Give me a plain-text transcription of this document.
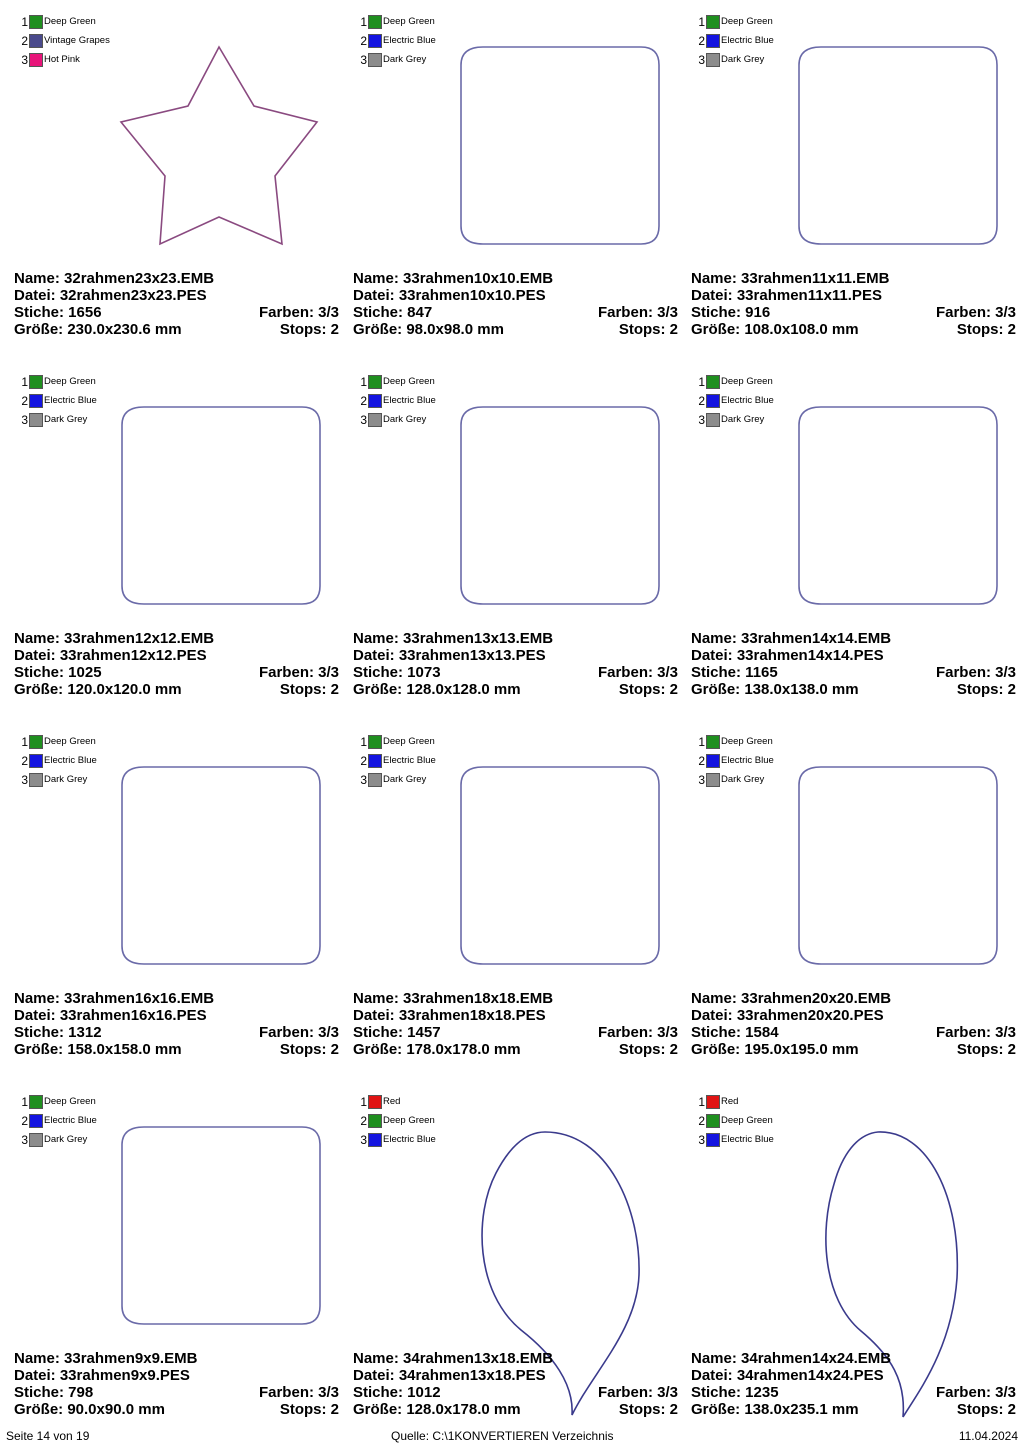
1 Deep Green
2 Vintage Grapes
3 Hot Pink
Name: 32rahmen23x23.EMB
Datei: 32rahmen23x23.PES
Stiche: 1656	Farben: 3/3
Größe: 230.0x230.6 mm	Stops: 2
1 Deep Green
2 Electric Blue
3 Dark Grey
Name: 33rahmen10x10.EMB
Datei: 33rahmen10x10.PES
Stiche: 847	Farben: 3/3
Größe: 98.0x98.0 mm	Stops: 2
1 Deep Green
2 Electric Blue
3 Dark Grey
Name: 33rahmen11x11.EMB
Datei: 33rahmen11x11.PES
Stiche: 916	Farben: 3/3
Größe: 108.0x108.0 mm	Stops: 2
1 Deep Green
2 Electric Blue
3 Dark Grey
Name: 33rahmen12x12.EMB
Datei: 33rahmen12x12.PES
Stiche: 1025	Farben: 3/3
Größe: 120.0x120.0 mm	Stops: 2
1 Deep Green
2 Electric Blue
3 Dark Grey
Name: 33rahmen13x13.EMB
Datei: 33rahmen13x13.PES
Stiche: 1073	Farben: 3/3
Größe: 128.0x128.0 mm	Stops: 2
1 Deep Green
2 Electric Blue
3 Dark Grey
Name: 33rahmen14x14.EMB
Datei: 33rahmen14x14.PES
Stiche: 1165	Farben: 3/3
Größe: 138.0x138.0 mm	Stops: 2
1 Deep Green
2 Electric Blue
3 Dark Grey
Name: 33rahmen16x16.EMB
Datei: 33rahmen16x16.PES
Stiche: 1312	Farben: 3/3
Größe: 158.0x158.0 mm	Stops: 2
1 Deep Green
2 Electric Blue
3 Dark Grey
Name: 33rahmen18x18.EMB
Datei: 33rahmen18x18.PES
Stiche: 1457	Farben: 3/3
Größe: 178.0x178.0 mm	Stops: 2
1 Deep Green
2 Electric Blue
3 Dark Grey
Name: 33rahmen20x20.EMB
Datei: 33rahmen20x20.PES
Stiche: 1584	Farben: 3/3
Größe: 195.0x195.0 mm	Stops: 2
1 Deep Green
2 Electric Blue
3 Dark Grey
Name: 33rahmen9x9.EMB
Datei: 33rahmen9x9.PES
Stiche: 798	Farben: 3/3
Größe: 90.0x90.0 mm	Stops: 2
1 Red
2 Deep Green
3 Electric Blue
Name: 34rahmen13x18.EMB
Datei: 34rahmen13x18.PES
Stiche: 1012	Farben: 3/3
Größe: 128.0x178.0 mm	Stops: 2
1 Red
2 Deep Green
3 Electric Blue
Name: 34rahmen14x24.EMB
Datei: 34rahmen14x24.PES
Stiche: 1235	Farben: 3/3
Größe: 138.0x235.1 mm	Stops: 2
Seite 14 von 19	Quelle: C:\1KONVERTIEREN Verzeichnis	11.04.2024
